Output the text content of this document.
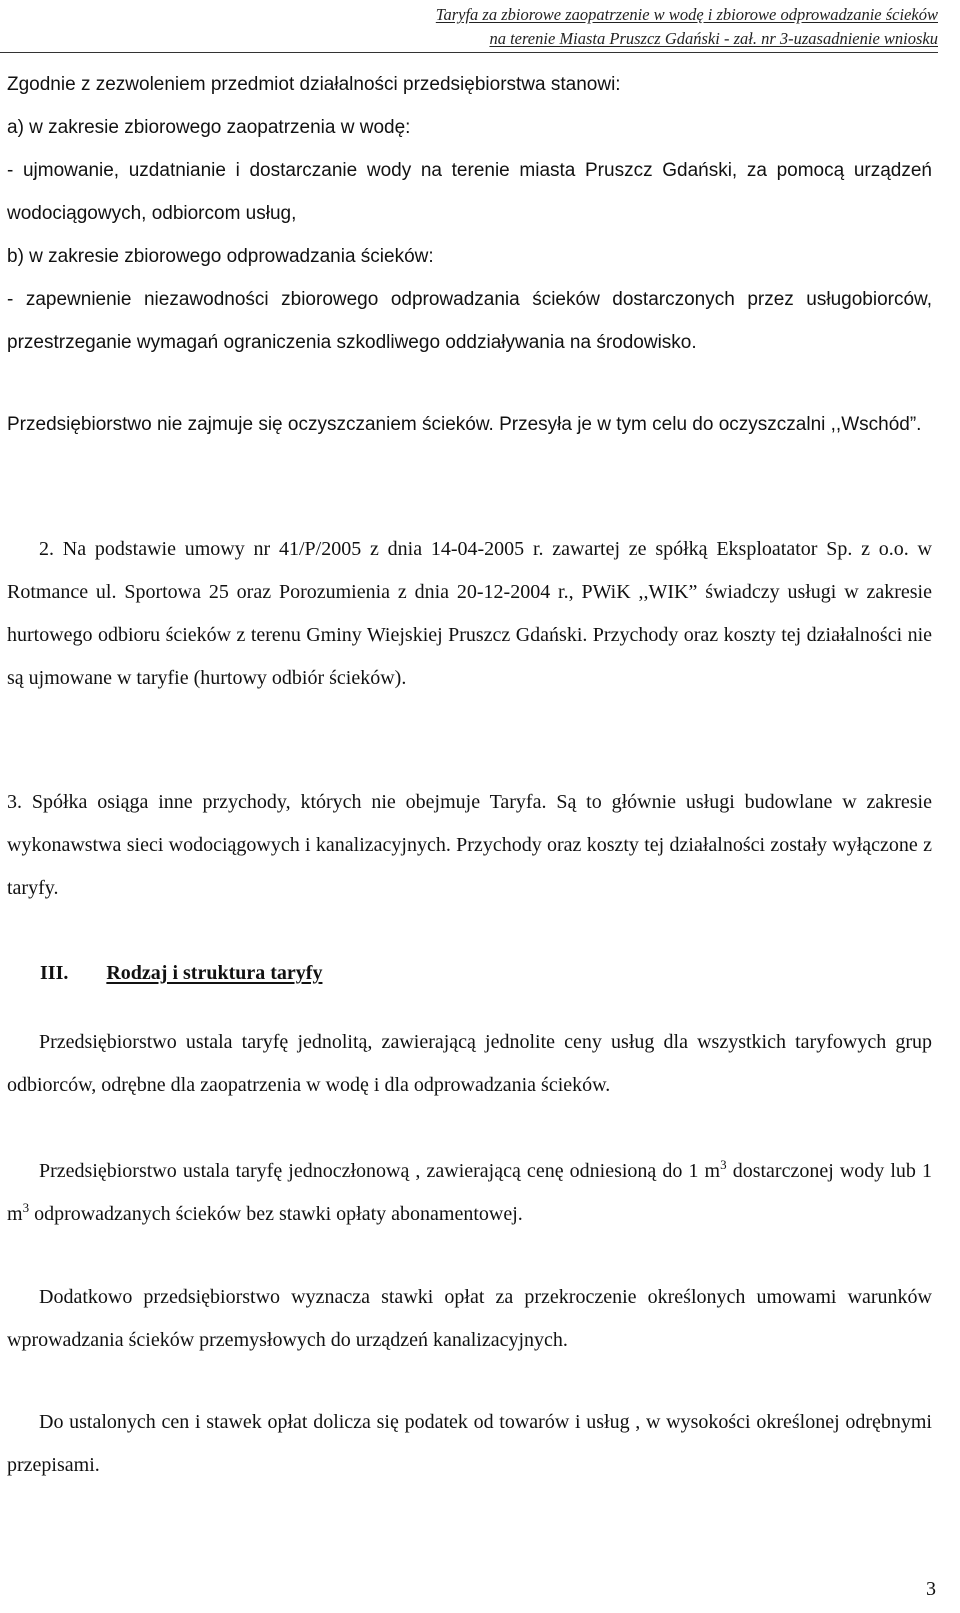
Taryfa za zbiorowe zaopatrzenie w wodę i zbiorowe odprowadzanie ścieków
na terenie Miasta Pruszcz Gdański - zał. nr 3-uzasadnienie wniosku
Zgodnie z zezwoleniem przedmiot działalności przedsiębiorstwa stanowi:
a) w zakresie zbiorowego zaopatrzenia w wodę:
- ujmowanie, uzdatnianie i dostarczanie wody na terenie miasta Pruszcz Gdański, za pomocą urządzeń wodociągowych, odbiorcom usług,
b) w zakresie zbiorowego odprowadzania ścieków:
- zapewnienie niezawodności zbiorowego odprowadzania ścieków dostarczonych przez usługobiorców, przestrzeganie wymagań ograniczenia szkodliwego oddziaływania na środowisko.
Przedsiębiorstwo nie zajmuje się oczyszczaniem ścieków. Przesyła je w tym celu do oczyszczalni ,,Wschód”.
2. Na podstawie umowy nr 41/P/2005 z dnia 14-04-2005 r. zawartej ze spółką Eksploatator Sp. z o.o. w Rotmance ul. Sportowa 25 oraz Porozumienia z dnia 20-12-2004 r., PWiK ,,WIK” świadczy usługi w zakresie hurtowego odbioru ścieków z terenu Gminy Wiejskiej Pruszcz Gdański. Przychody oraz koszty tej działalności nie są ujmowane w taryfie (hurtowy odbiór ścieków).
3. Spółka osiąga inne przychody, których nie obejmuje Taryfa. Są to głównie usługi budowlane w zakresie wykonawstwa sieci wodociągowych i kanalizacyjnych. Przychody oraz koszty tej działalności zostały wyłączone z taryfy.
III. Rodzaj i struktura taryfy
Przedsiębiorstwo ustala taryfę jednolitą, zawierającą jednolite ceny usług dla wszystkich taryfowych grup odbiorców, odrębne dla zaopatrzenia w wodę i dla odprowadzania ścieków.
Przedsiębiorstwo ustala taryfę jednoczłonową , zawierającą cenę odniesioną do 1 $m^3$ dostarczonej wody lub 1 $m^3$ odprowadzanych ścieków bez stawki opłaty abonamentowej.
Dodatkowo przedsiębiorstwo wyznacza stawki opłat za przekroczenie określonych umowami warunków wprowadzania ścieków przemysłowych do urządzeń kanalizacyjnych.
Do ustalonych cen i stawek opłat dolicza się podatek od towarów i usług , w wysokości określonej odrębnymi przepisami.
3
